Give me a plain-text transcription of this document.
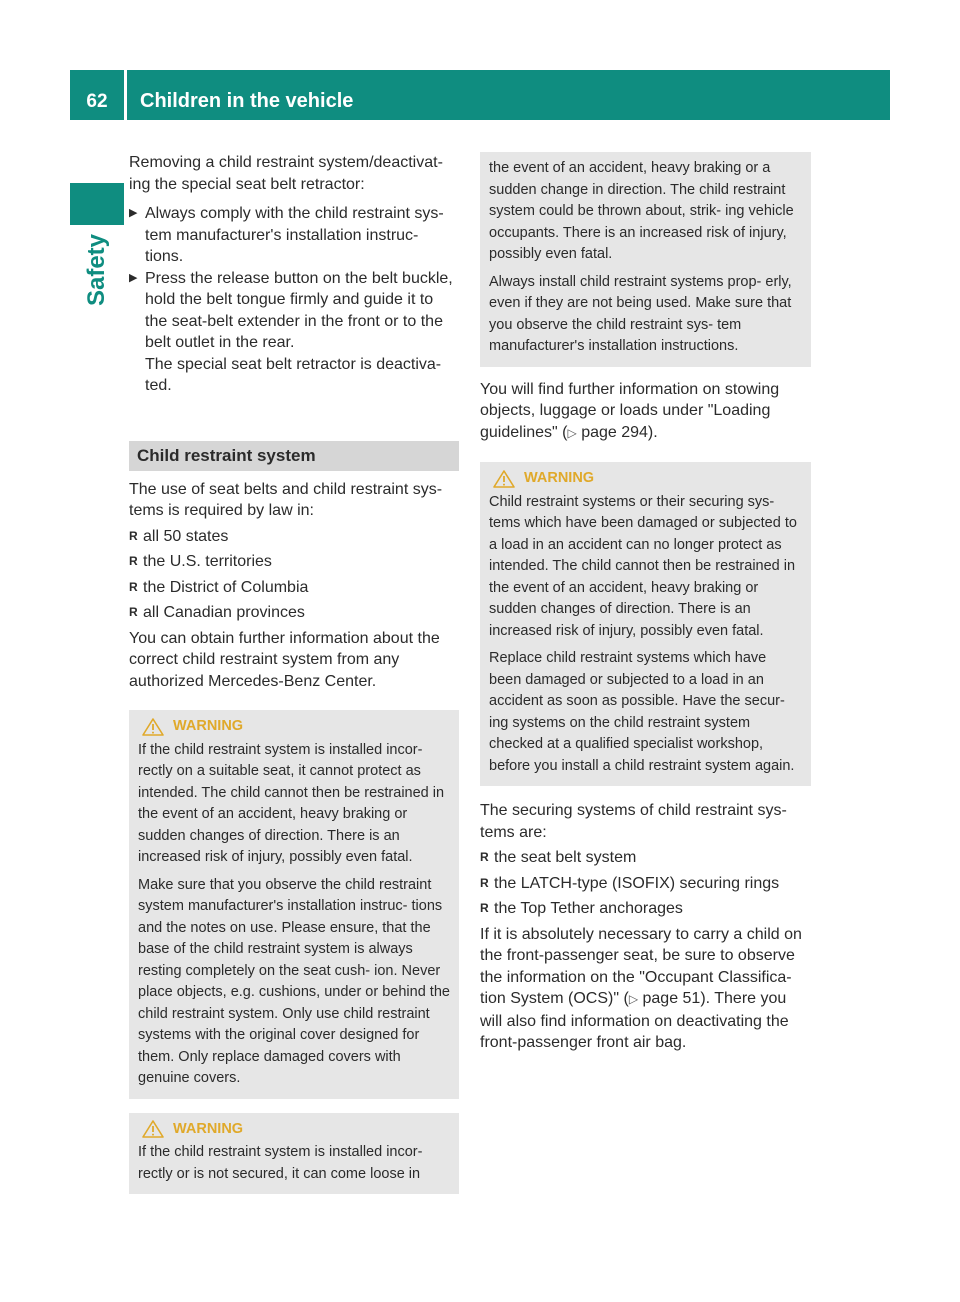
62	Children in the vehicle
Safety

Removing a child restraint system/deactivat- ing the special seat belt retractor:

▶ Always comply with the child restraint sys- tem manufacturer's installation instruc- tions.
▶ Press the release button on the belt buckle, hold the belt tongue firmly and guide it to the seat-belt extender in the front or to the belt outlet in the rear.
The special seat belt retractor is deactiva- ted.
Child restraint system

The use of seat belts and child restraint sys- tems is required by law in:

R all 50 states
R the U.S. territories
R the District of Columbia
R all Canadian provinces

You can obtain further information about the correct child restraint system from any authorized Mercedes-Benz Center.

WARNING

If the child restraint system is installed incor- rectly on a suitable seat, it cannot protect as intended. The child cannot then be restrained in the event of an accident, heavy braking or sudden changes of direction. There is an increased risk of injury, possibly even fatal.

Make sure that you observe the child restraint system manufacturer's installation instruc- tions and the notes on use. Please ensure, that the base of the child restraint system is always resting completely on the seat cush- ion. Never place objects, e.g. cushions, under or behind the child restraint system. Only use child restraint systems with the original cover designed for them. Only replace damaged covers with genuine covers.

WARNING

If the child restraint system is installed incor- rectly or is not secured, it can come loose in

the event of an accident, heavy braking or a sudden change in direction. The child restraint system could be thrown about, strik- ing vehicle occupants. There is an increased risk of injury, possibly even fatal.

Always install child restraint systems prop- erly, even if they are not being used. Make sure that you observe the child restraint sys- tem manufacturer's installation instructions.

You will find further information on stowing objects, luggage or loads under "Loading guidelines" (▷ page 294).

WARNING

Child restraint systems or their securing sys- tems which have been damaged or subjected to a load in an accident can no longer protect as intended. The child cannot then be restrained in the event of an accident, heavy braking or sudden changes of direction. There is an increased risk of injury, possibly even fatal.

Replace child restraint systems which have been damaged or subjected to a load in an accident as soon as possible. Have the secur- ing systems on the child restraint system checked at a qualified specialist workshop, before you install a child restraint system again.

The securing systems of child restraint sys- tems are:

R the seat belt system
R the LATCH-type (ISOFIX) securing rings
R the Top Tether anchorages

If it is absolutely necessary to carry a child on the front-passenger seat, be sure to observe the information on the "Occupant Classifica- tion System (OCS)" (▷ page 51). There you will also find information on deactivating the front-passenger front air bag.
